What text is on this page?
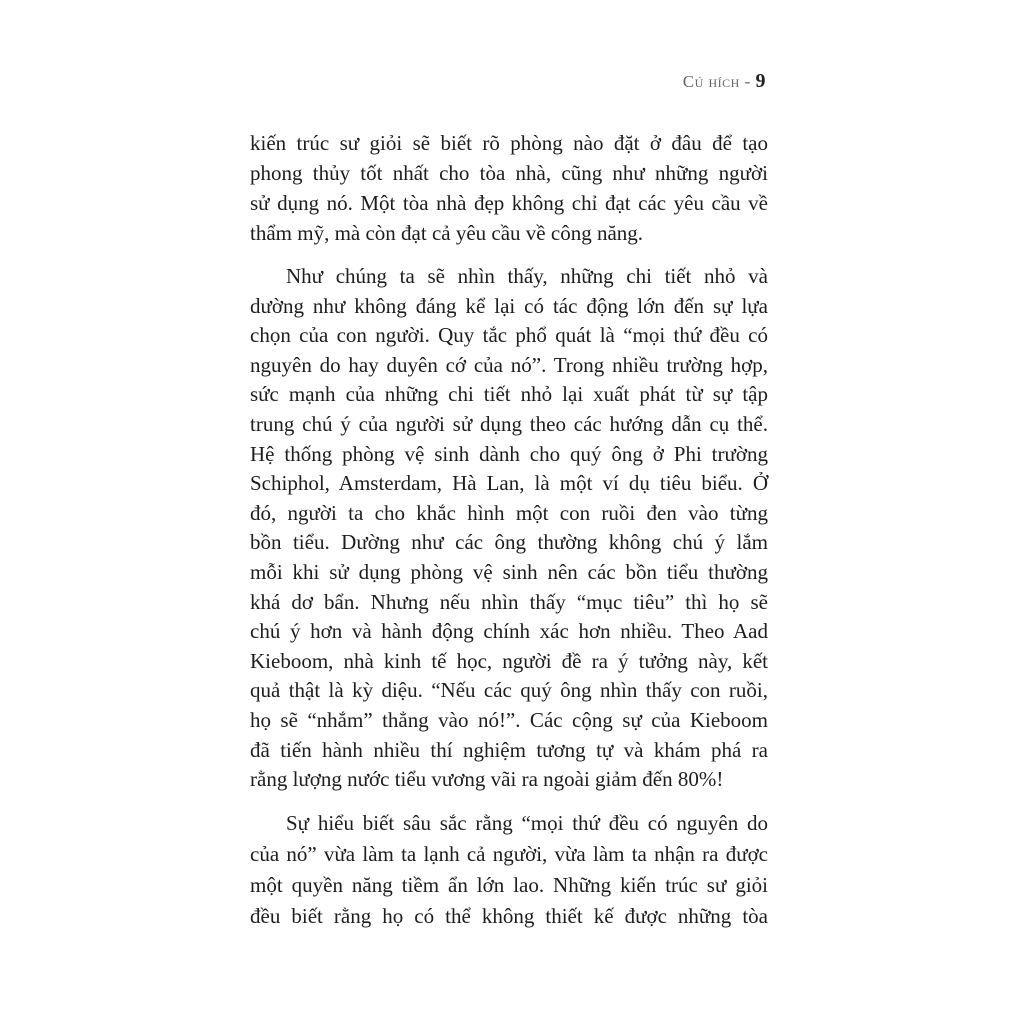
Cú hích - 9
kiến trúc sư giỏi sẽ biết rõ phòng nào đặt ở đâu để tạo
phong thủy tốt nhất cho tòa nhà, cũng như những người
sử dụng nó. Một tòa nhà đẹp không chỉ đạt các yêu cầu về
thẩm mỹ, mà còn đạt cả yêu cầu về công năng.
Như chúng ta sẽ nhìn thấy, những chi tiết nhỏ và
dường như không đáng kể lại có tác động lớn đến sự lựa
chọn của con người. Quy tắc phổ quát là “mọi thứ đều có
nguyên do hay duyên cớ của nó”. Trong nhiều trường hợp,
sức mạnh của những chi tiết nhỏ lại xuất phát từ sự tập
trung chú ý của người sử dụng theo các hướng dẫn cụ thể.
Hệ thống phòng vệ sinh dành cho quý ông ở Phi trường
Schiphol, Amsterdam, Hà Lan, là một ví dụ tiêu biểu. Ở
đó, người ta cho khắc hình một con ruồi đen vào từng
bồn tiểu. Dường như các ông thường không chú ý lắm
mỗi khi sử dụng phòng vệ sinh nên các bồn tiểu thường
khá dơ bẩn. Nhưng nếu nhìn thấy “mục tiêu” thì họ sẽ
chú ý hơn và hành động chính xác hơn nhiều. Theo Aad
Kieboom, nhà kinh tế học, người đề ra ý tưởng này, kết
quả thật là kỳ diệu. “Nếu các quý ông nhìn thấy con ruồi,
họ sẽ “nhắm” thẳng vào nó!”. Các cộng sự của Kieboom
đã tiến hành nhiều thí nghiệm tương tự và khám phá ra
rằng lượng nước tiểu vương vãi ra ngoài giảm đến 80%!
Sự hiểu biết sâu sắc rằng “mọi thứ đều có nguyên do
của nó” vừa làm ta lạnh cả người, vừa làm ta nhận ra được
một quyền năng tiềm ẩn lớn lao. Những kiến trúc sư giỏi
đều biết rằng họ có thể không thiết kế được những tòa
